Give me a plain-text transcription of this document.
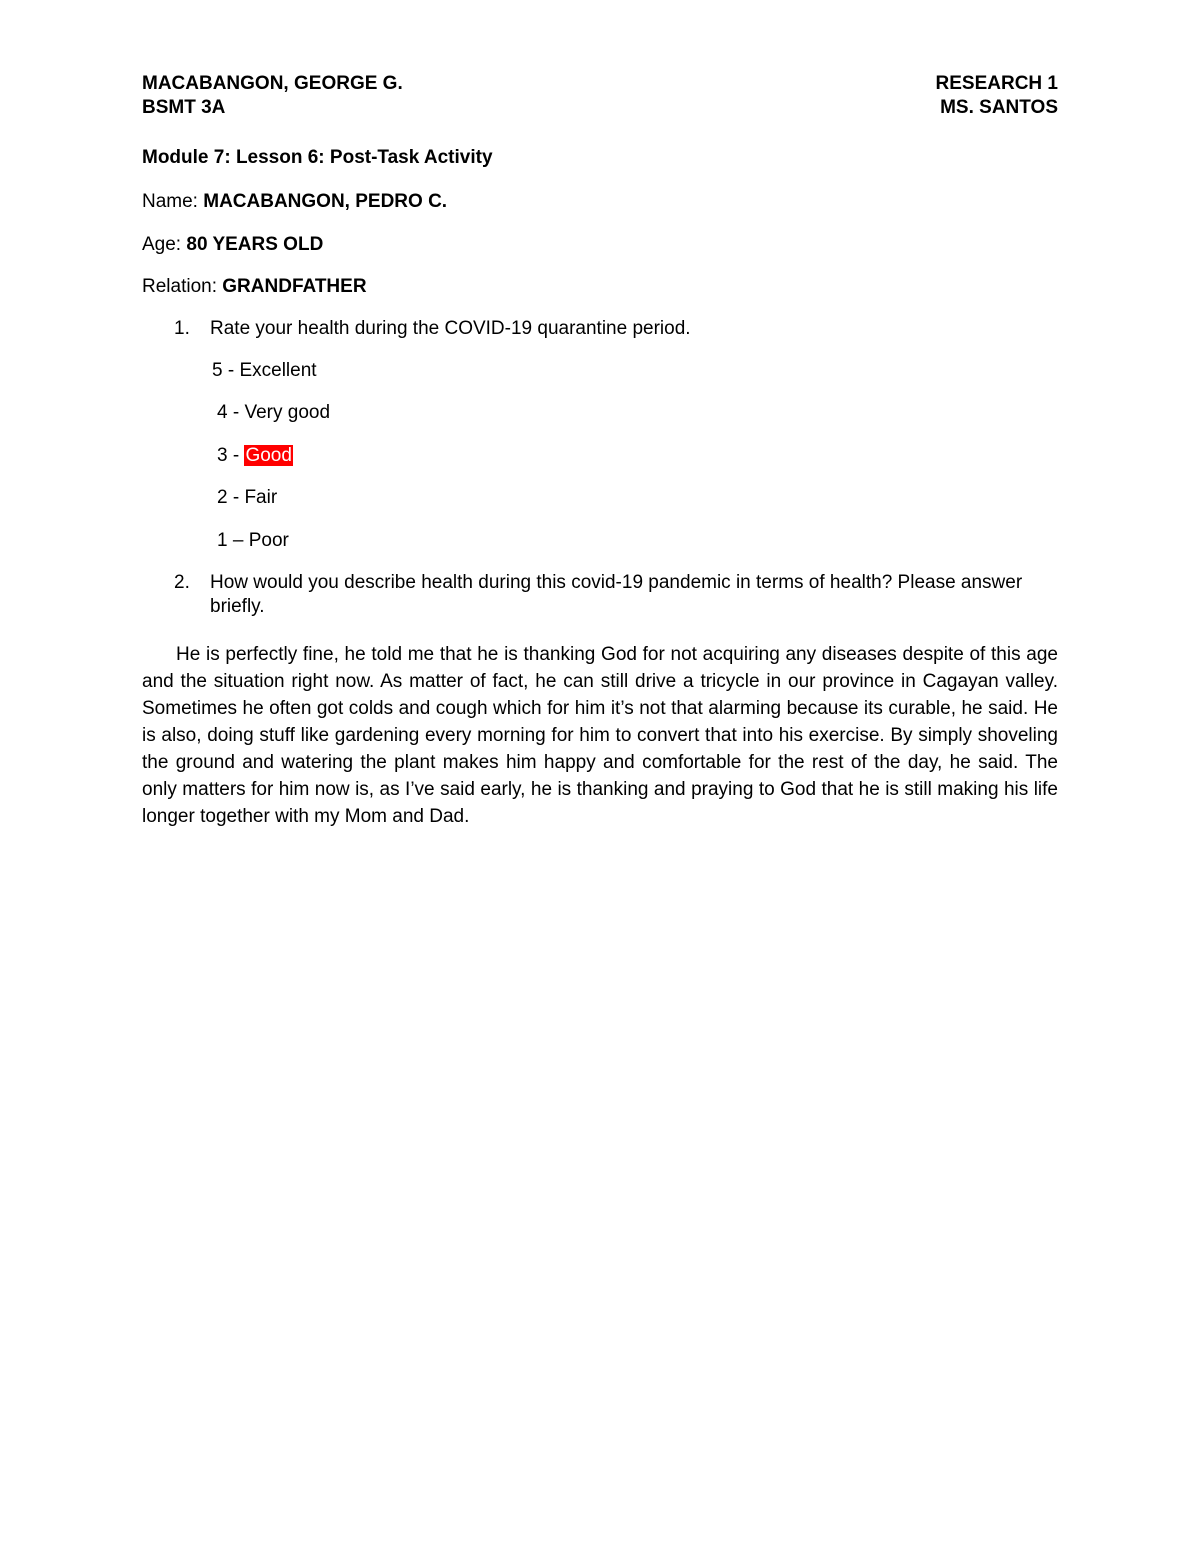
MACABANGON, GEORGE G.
BSMT 3A
RESEARCH 1
MS. SANTOS
Module 7: Lesson 6: Post-Task Activity
Name: MACABANGON, PEDRO C.
Age: 80 YEARS OLD
Relation: GRANDFATHER
1. Rate your health during the COVID-19 quarantine period.
5 - Excellent
4 - Very good
3 - Good
2 - Fair
1 – Poor
2. How would you describe health during this covid-19 pandemic in terms of health? Please answer briefly.

He is perfectly fine, he told me that he is thanking God for not acquiring any diseases despite of this age and the situation right now. As matter of fact, he can still drive a tricycle in our province in Cagayan valley. Sometimes he often got colds and cough which for him it’s not that alarming because its curable, he said. He is also, doing stuff like gardening every morning for him to convert that into his exercise. By simply shoveling the ground and watering the plant makes him happy and comfortable for the rest of the day, he said. The only matters for him now is, as I’ve said early, he is thanking and praying to God that he is still making his life longer together with my Mom and Dad.
